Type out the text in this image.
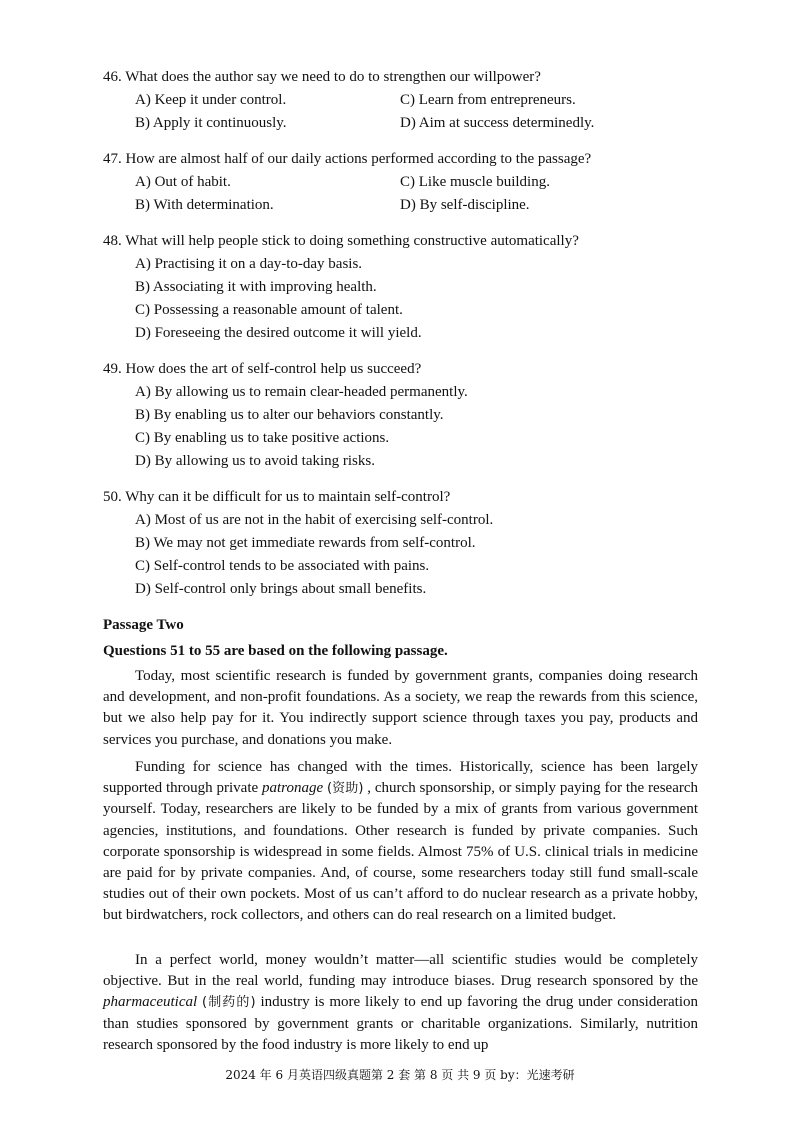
46. What does the author say we need to do to strengthen our willpower?
A) Keep it under control.	C) Learn from entrepreneurs.
B) Apply it continuously.	D) Aim at success determinedly.
47. How are almost half of our daily actions performed according to the passage?
A) Out of habit.	C) Like muscle building.
B) With determination.	D) By self-discipline.
48. What will help people stick to doing something constructive automatically?
A) Practising it on a day-to-day basis.
B) Associating it with improving health.
C) Possessing a reasonable amount of talent.
D) Foreseeing the desired outcome it will yield.
49. How does the art of self-control help us succeed?
A) By allowing us to remain clear-headed permanently.
B) By enabling us to alter our behaviors constantly.
C) By enabling us to take positive actions.
D) By allowing us to avoid taking risks.
50. Why can it be difficult for us to maintain self-control?
A) Most of us are not in the habit of exercising self-control.
B) We may not get immediate rewards from self-control.
C) Self-control tends to be associated with pains.
D) Self-control only brings about small benefits.
Passage Two
Questions 51 to 55 are based on the following passage.
Today, most scientific research is funded by government grants, companies doing research and development, and non-profit foundations. As a society, we reap the rewards from this science, but we also help pay for it. You indirectly support science through taxes you pay, products and services you purchase, and donations you make.
Funding for science has changed with the times. Historically, science has been largely supported through private patronage (资助) , church sponsorship, or simply paying for the research yourself. Today, researchers are likely to be funded by a mix of grants from various government agencies, institutions, and foundations. Other research is funded by private companies. Such corporate sponsorship is widespread in some fields. Almost 75% of U.S. clinical trials in medicine are paid for by private companies. And, of course, some researchers today still fund small-scale studies out of their own pockets. Most of us can’t afford to do nuclear research as a private hobby, but birdwatchers, rock collectors, and others can do real research on a limited budget.
In a perfect world, money wouldn’t matter—all scientific studies would be completely objective. But in the real world, funding may introduce biases. Drug research sponsored by the pharmaceutical (制药的) industry is more likely to end up favoring the drug under consideration than studies sponsored by government grants or charitable organizations. Similarly, nutrition research sponsored by the food industry is more likely to end up
2024 年 6 月英语四级真题第 2 套 第 8 页 共 9 页 by：光速考研
